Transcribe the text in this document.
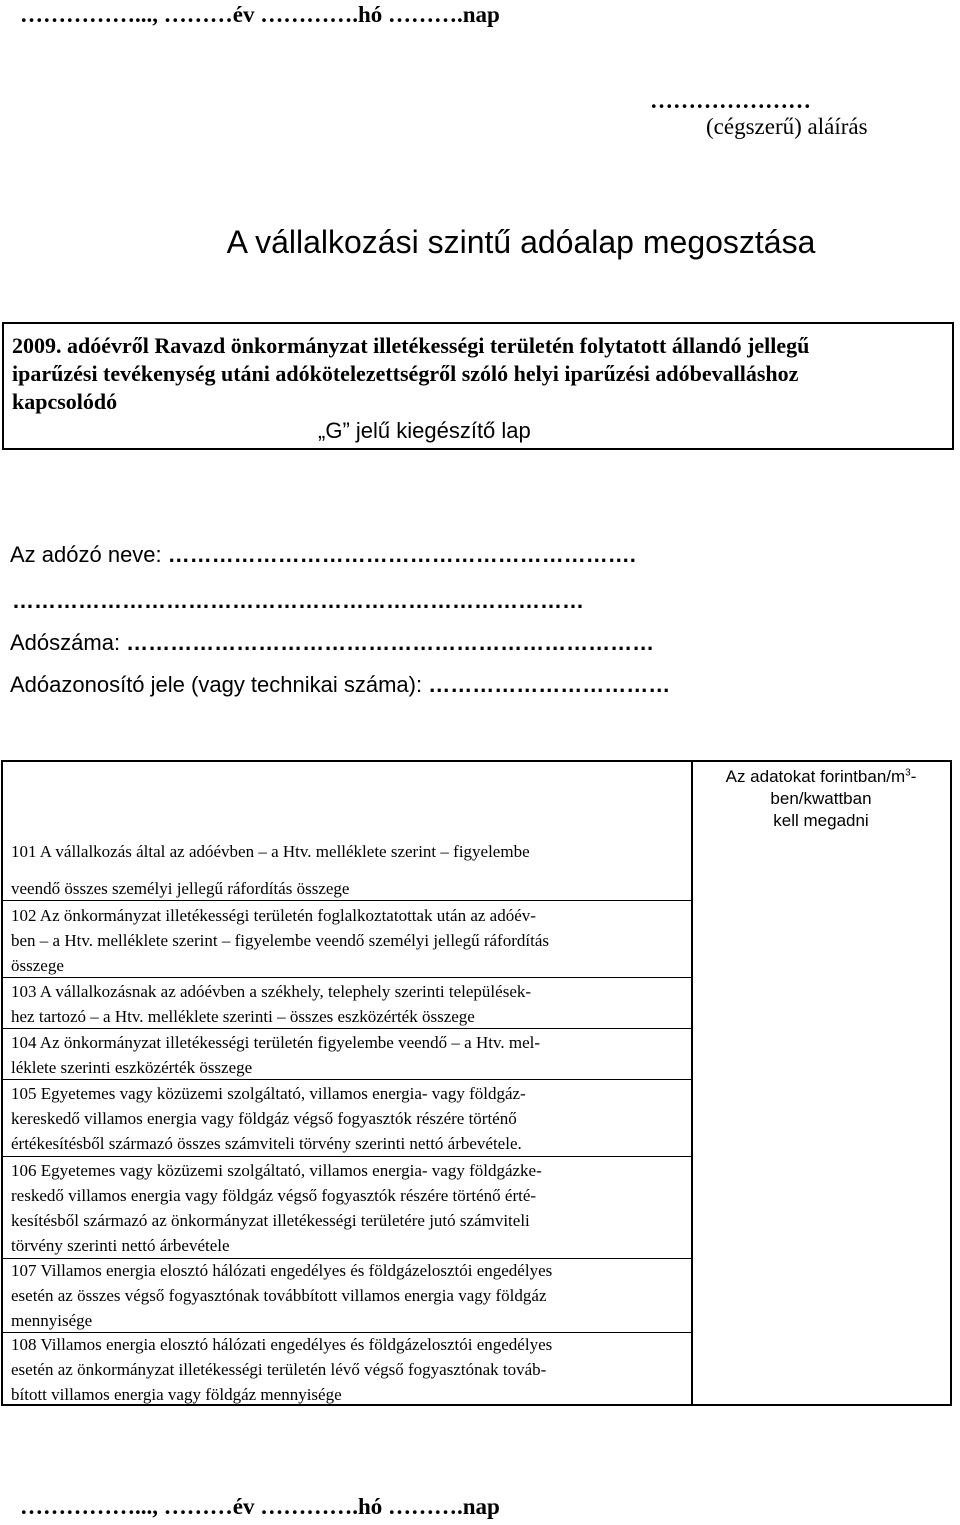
……………..., ………év ………….hó ……….nap
…………………
(cégszerű) aláírás
A vállalkozási szintű adóalap megosztása
2009. adóévről Ravazd önkormányzat illetékességi területén folytatott állandó jellegű
iparűzési tevékenység utáni adókötelezettségről szóló helyi iparűzési adóbevalláshoz
kapcsolódó
„G” jelű kiegészítő lap
Az adózó neve: ……………………………………………………….
……………………………………………………………………
Adószáma: ………………………………………………………………
Adóazonosító jele (vagy technikai száma): ……………………………
Az adatokat forintban/$m^3-$
ben/kwattban
kell megadni
101 A vállalkozás által az adóévben – a Htv. melléklete szerint – figyelembe
veendő összes személyi jellegű ráfordítás összege
102 Az önkormányzat illetékességi területén foglalkoztatottak után az adóév-
ben – a Htv. melléklete szerint – figyelembe veendő személyi jellegű ráfordítás
összege
103 A vállalkozásnak az adóévben a székhely, telephely szerinti települések-
hez tartozó – a Htv. melléklete szerinti – összes eszközérték összege
104 Az önkormányzat illetékességi területén figyelembe veendő – a Htv. mel-
léklete szerinti eszközérték összege
105 Egyetemes vagy közüzemi szolgáltató, villamos energia- vagy földgáz-
kereskedő villamos energia vagy földgáz végső fogyasztók részére történő
értékesítésből származó összes számviteli törvény szerinti nettó árbevétele.
106 Egyetemes vagy közüzemi szolgáltató, villamos energia- vagy földgázke-
reskedő villamos energia vagy földgáz végső fogyasztók részére történő érté-
kesítésből származó az önkormányzat illetékességi területére jutó számviteli
törvény szerinti nettó árbevétele
107 Villamos energia elosztó hálózati engedélyes és földgázelosztói engedélyes
esetén az összes végső fogyasztónak továbbított villamos energia vagy földgáz
mennyisége
108 Villamos energia elosztó hálózati engedélyes és földgázelosztói engedélyes
esetén az önkormányzat illetékességi területén lévő végső fogyasztónak továb-
bított villamos energia vagy földgáz mennyisége
……………..., ………év ………….hó ……….nap
